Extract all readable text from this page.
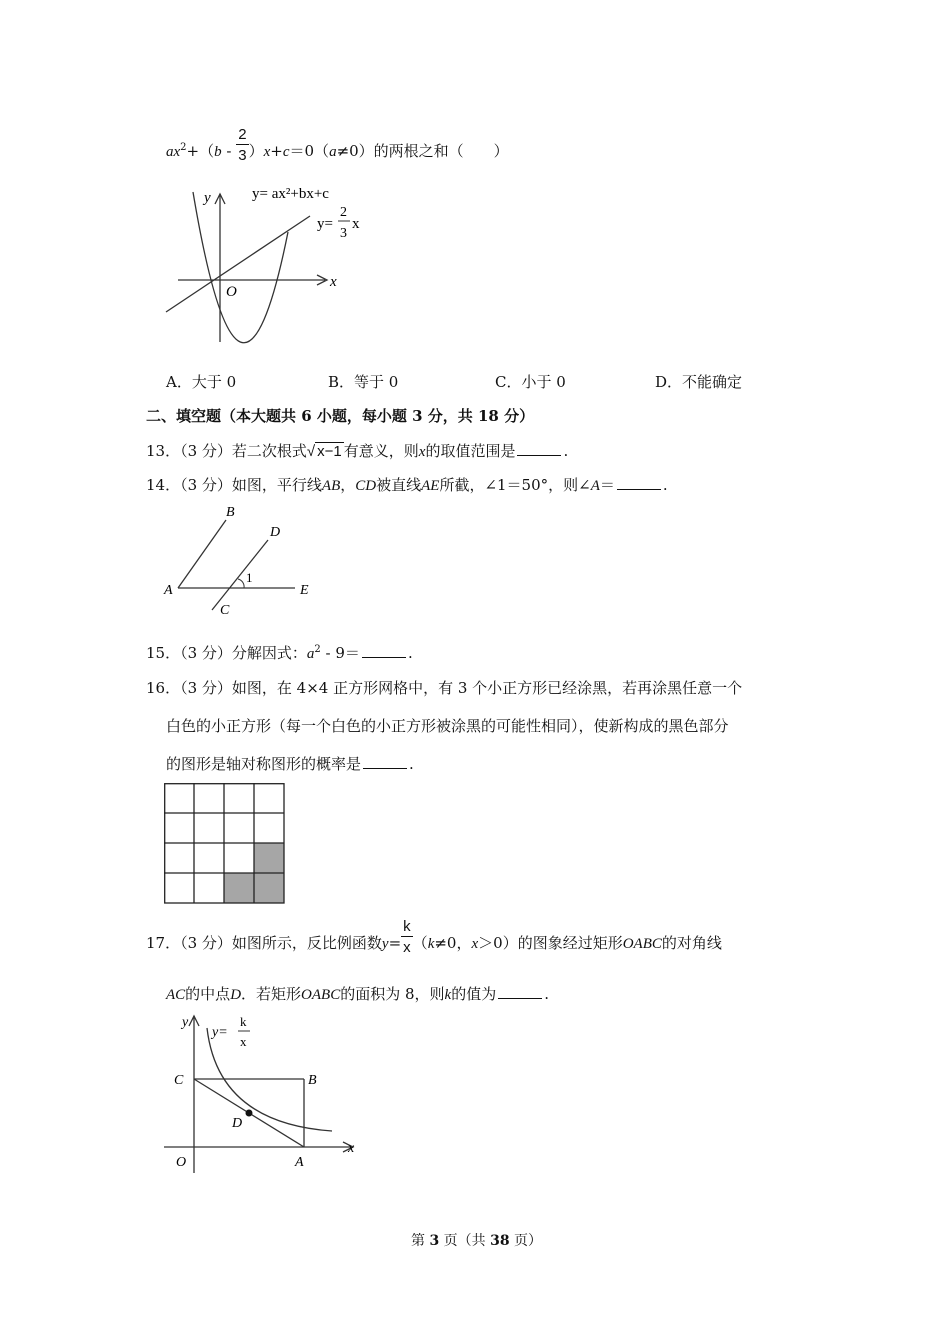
$ax^2+(b - \frac{2}{3} )x+c=0(a\ne 0)$的两根之和（　　）
y
x
O
y= ax²+bx+c
y=
2
3
x
A．大于 0	B．等于 0	C．小于 0	D．不能确定
二、填空题（本大题共 6 小题，每小题 3 分，共 18 分）
13．（3 分）若二次根式√ x−1 有意义，则x的取值范围是	.
14．（3 分）如图，平行线AB，CD被直线AE所截，∠1＝50°，则∠A＝	.
B
D
A	E
C
1
15．（3 分）分解因式：$a^2 - 9=$	.
16．（3 分）如图，在 4×4 正方形网格中，有 3 个小正方形已经涂黑，若再涂黑任意一个
白色的小正方形（每一个白色的小正方形被涂黑的可能性相同），使新构成的黑色部分
的图形是轴对称图形的概率是	.
17．（3 分）如图所示，反比例函数$y= \frac{k}{x} (k\ne 0$，x＞0）的图象经过矩形OABC的对角线
AC的中点D．若矩形OABC的面积为 8，则k的值为	.
y
x
O	A
B
C
D
y=
k
x
第 3 页（共 38 页）
